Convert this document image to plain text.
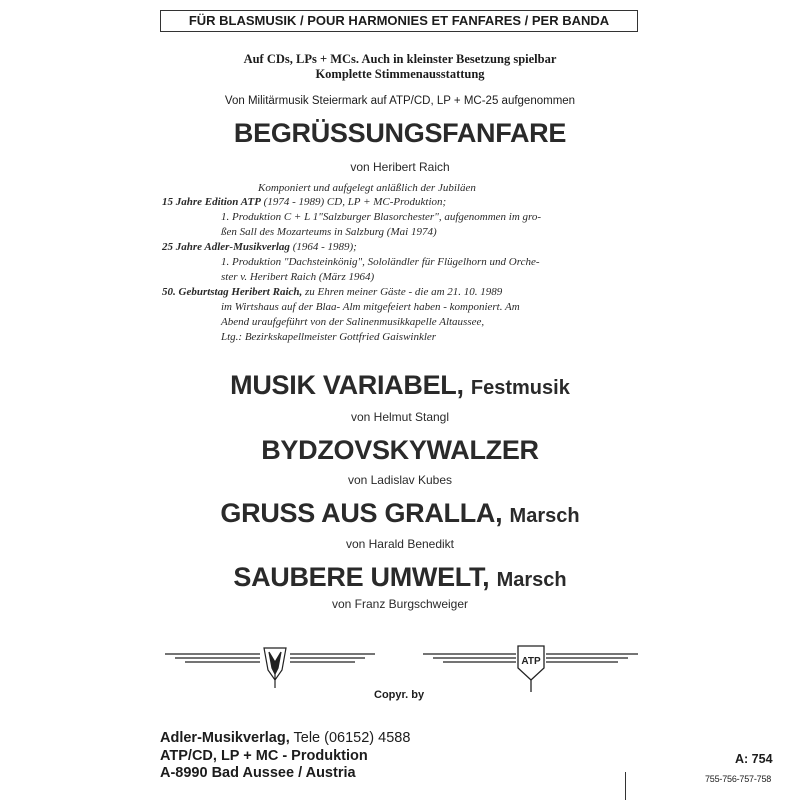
FÜR BLASMUSIK / POUR HARMONIES ET FANFARES / PER BANDA
Auf CDs, LPs + MCs. Auch in kleinster Besetzung spielbar
Komplette Stimmenausstattung
Von Militärmusik Steiermark auf ATP/CD, LP + MC-25 aufgenommen
BEGRÜSSUNGSFANFARE
von Heribert Raich
Komponiert und aufgelegt anläßlich der Jubiläen
15 Jahre Edition ATP (1974 - 1989) CD, LP + MC-Produktion;
1. Produktion C + L 1"Salzburger Blasorchester", aufgenommen im gro-
ßen Sall des Mozarteums in Salzburg (Mai 1974)
25 Jahre Adler-Musikverlag (1964 - 1989);
1. Produktion "Dachsteinkönig", Sololändler für Flügelhorn und Orche-
ster v. Heribert Raich (März 1964)
50. Geburtstag Heribert Raich, zu Ehren meiner Gäste - die am 21. 10. 1989
im Wirtshaus auf der Blaa- Alm mitgefeiert haben - komponiert. Am
Abend uraufgeführt von der Salinenmusikkapelle Altaussee,
Ltg.: Bezirkskapellmeister Gottfried Gaiswinkler
MUSIK VARIABEL, Festmusik
von Helmut Stangl
BYDZOVSKYWALZER
von Ladislav Kubes
GRUSS AUS GRALLA, Marsch
von Harald Benedikt
SAUBERE UMWELT, Marsch
von Franz Burgschweiger
ATP
Copyr. by
Adler-Musikverlag, Tele (06152) 4588
ATP/CD, LP + MC - Produktion
A-8990 Bad Aussee / Austria
A: 754
755-756-757-758
